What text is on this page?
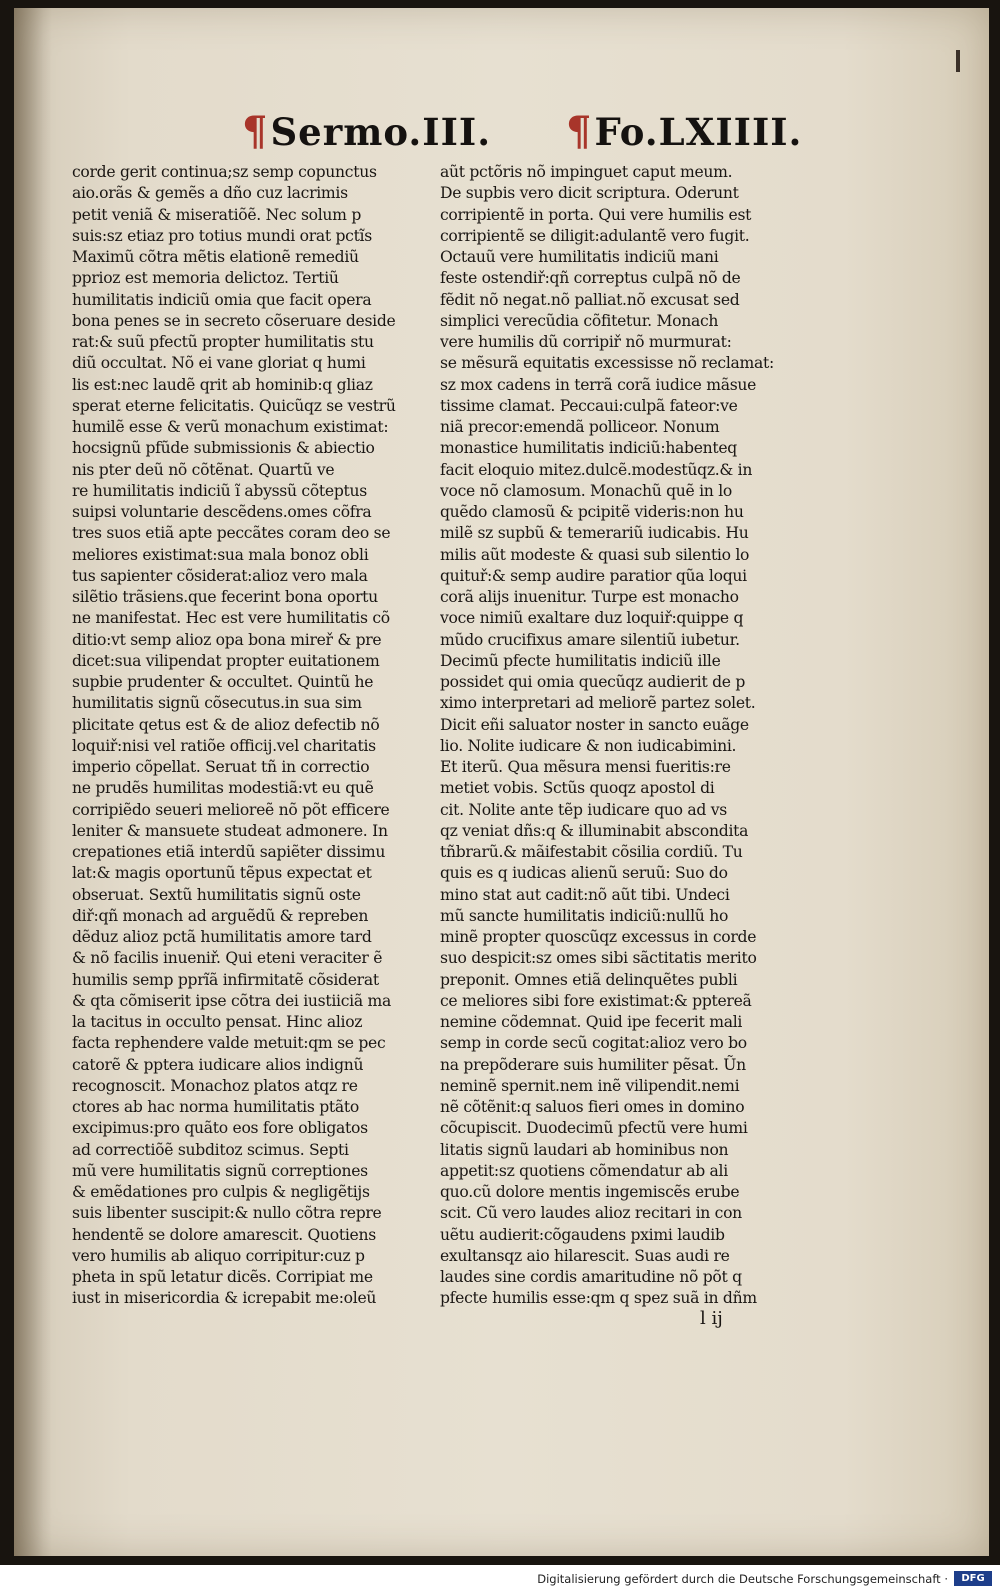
¶Sermo.III. ¶Fo.LXIIII.
corde gerit continua;sz semp copunctus
aio.orãs & gemẽs a dño cuz lacrimis
petit veniã & miseratiõẽ. Nec solum p
suis:sz etiaz pro totius mundi orat pctĩs
Maximũ cõtra mẽtis elationẽ remediũ
pprioz est memoria delictoz. Tertiũ
humilitatis indiciũ omia que facit opera
bona penes se in secreto cõseruare deside
rat:& suũ pfectũ propter humilitatis stu
diũ occultat. Nõ ei vane gloriat q humi
lis est:nec laudẽ qrit ab hominib:q gliaz
sperat eterne felicitatis. Quicũqz se vestrũ
humilẽ esse & verũ monachum existimat:
hocsignũ pfũde submissionis & abiectio
nis pter deũ nõ cõtẽnat. Quartũ ve
re humilitatis indiciũ ĩ abyssũ cõteptus
suipsi voluntarie descẽdens.omes cõfra
tres suos etiã apte peccãtes coram deo se
meliores existimat:sua mala bonoz obli
tus sapienter cõsiderat:alioz vero mala
silẽtio trãsiens.que fecerint bona oportu
ne manifestat. Hec est vere humilitatis cõ
ditio:vt semp alioz opa bona mireř & pre
dicet:sua vilipendat propter euitationem
supbie prudenter & occultet. Quintũ he
humilitatis signũ cõsecutus.in sua sim
plicitate qetus est & de alioz defectib nõ
loquiř:nisi vel ratiõe officij.vel charitatis
imperio cõpellat. Seruat tñ in correctio
ne prudẽs humilitas modestiã:vt eu quẽ
corripiẽdo seueri melioreẽ nõ põt efficere
leniter & mansuete studeat admonere. In
crepationes etiã interdũ sapiẽter dissimu
lat:& magis oportunũ tẽpus expectat et
obseruat. Sextũ humilitatis signũ oste
diř:qñ monach ad arguẽdũ & repreben
dẽduz alioz pctã humilitatis amore tard
& nõ facilis inueniř. Qui eteni veraciter ẽ
humilis semp pprĩã infirmitatẽ cõsiderat
& qta cõmiserit ipse cõtra dei iustiiciã ma
la tacitus in occulto pensat. Hinc alioz
facta rephendere valde metuit:qm se pec
catorẽ & pptera iudicare alios indignũ
recognoscit. Monachoz platos atqz re
ctores ab hac norma humilitatis ptãto
excipimus:pro quãto eos fore obligatos
ad correctiõẽ subditoz scimus. Septi
mũ vere humilitatis signũ correptiones
& emẽdationes pro culpis & negligẽtijs
suis libenter suscipit:& nullo cõtra repre
hendentẽ se dolore amarescit. Quotiens
vero humilis ab aliquo corripitur:cuz p
pheta in spũ letatur dicẽs. Corripiat me
iust in misericordia & icrepabit me:oleũ
aũt pctõris nõ impinguet caput meum.
De supbis vero dicit scriptura. Oderunt
corripientẽ in porta. Qui vere humilis est
corripientẽ se diligit:adulantẽ vero fugit.
Octauũ vere humilitatis indiciũ mani
feste ostendiř:qñ correptus culpã nõ de
fẽdit nõ negat.nõ palliat.nõ excusat sed
simplici verecũdia cõfitetur. Monach
vere humilis dũ corripiř nõ murmurat:
se mẽsurã equitatis excessisse nõ reclamat:
sz mox cadens in terrã corã iudice mãsue
tissime clamat. Peccaui:culpã fateor:ve
niã precor:emendã polliceor. Nonum
monastice humilitatis indiciũ:habenteq
facit eloquio mitez.dulcẽ.modestũqz.& in
voce nõ clamosum. Monachũ quẽ in lo
quẽdo clamosũ & pcipitẽ videris:non hu
milẽ sz supbũ & temerariũ iudicabis. Hu
milis aũt modeste & quasi sub silentio lo
quituř:& semp audire paratior qũa loqui
corã alijs inuenitur. Turpe est monacho
voce nimiũ exaltare duz loquiř:quippe q
mũdo crucifixus amare silentiũ iubetur.
Decimũ pfecte humilitatis indiciũ ille
possidet qui omia quecũqz audierit de p
ximo interpretari ad meliorẽ partez solet.
Dicit eñi saluator noster in sancto euãge
lio. Nolite iudicare & non iudicabimini.
Et iterũ. Qua mẽsura mensi fueritis:re
metiet vobis. Sctũs quoqz apostol di
cit. Nolite ante tẽp iudicare quo ad vs
qz veniat dñs:q & illuminabit abscondita
tñbrarũ.& mãifestabit cõsilia cordiũ. Tu
quis es q iudicas alienũ seruũ: Suo do
mino stat aut cadit:nõ aũt tibi. Undeci
mũ sancte humilitatis indiciũ:nullũ ho
minẽ propter quoscũqz excessus in corde
suo despicit:sz omes sibi sãctitatis merito
preponit. Omnes etiã delinquẽtes publi
ce meliores sibi fore existimat:& pptereã
nemine cõdemnat. Quid ipe fecerit mali
semp in corde secũ cogitat:alioz vero bo
na prepõderare suis humiliter pẽsat. Ũn
neminẽ spernit.nem inẽ vilipendit.nemi
nẽ cõtẽnit:q saluos fieri omes in domino
cõcupiscit. Duodecimũ pfectũ vere humi
litatis signũ laudari ab hominibus non
appetit:sz quotiens cõmendatur ab ali
quo.cũ dolore mentis ingemiscẽs erube
scit. Cũ vero laudes alioz recitari in con
uẽtu audierit:cõgaudens pximi laudib
exultansqz aio hilarescit. Suas audi re
laudes sine cordis amaritudine nõ põt q
pfecte humilis esse:qm q spez suã in dñm
l ij
Digitalisierung gefördert durch die Deutsche Forschungsgemeinschaft ·	DFG
